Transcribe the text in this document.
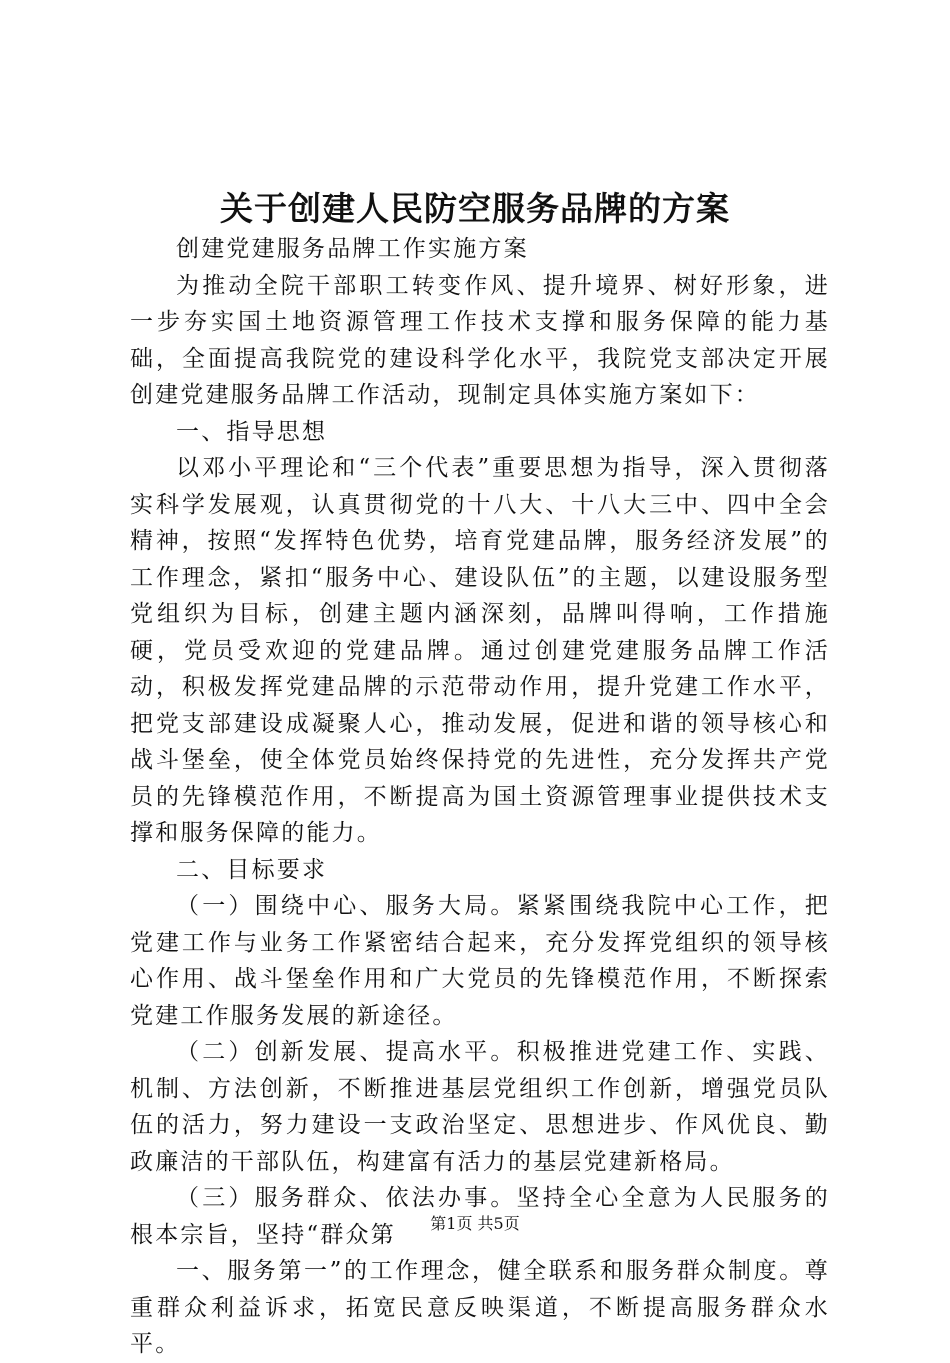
关于创建人民防空服务品牌的方案

创建党建服务品牌工作实施方案

为推动全院干部职工转变作风、提升境界、树好形象，进一步夯实国土地资源管理工作技术支撑和服务保障的能力基础，全面提高我院党的建设科学化水平，我院党支部决定开展创建党建服务品牌工作活动，现制定具体实施方案如下：

一、指导思想

以邓小平理论和“三个代表”重要思想为指导，深入贯彻落实科学发展观，认真贯彻党的十八大、十八大三中、四中全会精神，按照“发挥特色优势，培育党建品牌，服务经济发展”的工作理念，紧扣“服务中心、建设队伍”的主题，以建设服务型党组织为目标，创建主题内涵深刻，品牌叫得响，工作措施硬，党员受欢迎的党建品牌。通过创建党建服务品牌工作活动，积极发挥党建品牌的示范带动作用，提升党建工作水平，把党支部建设成凝聚人心，推动发展，促进和谐的领导核心和战斗堡垒，使全体党员始终保持党的先进性，充分发挥共产党员的先锋模范作用，不断提高为国土资源管理事业提供技术支撑和服务保障的能力。

二、目标要求

（一）围绕中心、服务大局。紧紧围绕我院中心工作，把党建工作与业务工作紧密结合起来，充分发挥党组织的领导核心作用、战斗堡垒作用和广大党员的先锋模范作用，不断探索党建工作服务发展的新途径。

（二）创新发展、提高水平。积极推进党建工作、实践、机制、方法创新，不断推进基层党组织工作创新，增强党员队伍的活力，努力建设一支政治坚定、思想进步、作风优良、勤政廉洁的干部队伍，构建富有活力的基层党建新格局。

（三）服务群众、依法办事。坚持全心全意为人民服务的根本宗旨，坚持“群众第

一、服务第一”的工作理念，健全联系和服务群众制度。尊重群众利益诉求，拓宽民意反映渠道，不断提高服务群众水平。

第1页 共5页
